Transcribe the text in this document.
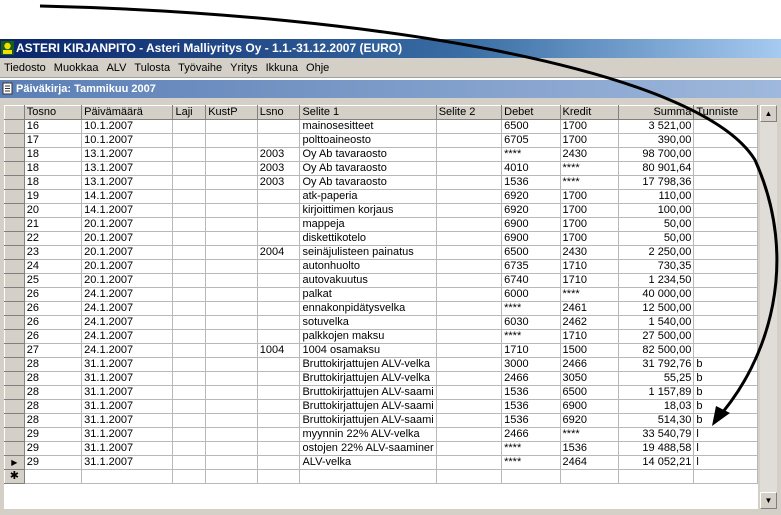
ASTERI KIRJANPITO - Asteri Malliyritys Oy - 1.1.-31.12.2007 (EURO)
Tiedosto Muokkaa ALV Tulosta Työvaihe Yritys Ikkuna Ohje
Päiväkirja: Tammikuu 2007
	Tosno	Päivämäärä	Laji	KustP	Lsno	Selite 1	Selite 2	Debet	Kredit	Summa	Tunniste
	16	10.1.2007				mainosesitteet		6500	1700	3 521,00	
	17	10.1.2007				polttoaineosto		6705	1700	390,00	
	18	13.1.2007			2003	Oy Ab tavaraosto		****	2430	98 700,00	
	18	13.1.2007			2003	Oy Ab tavaraosto		4010	****	80 901,64	
	18	13.1.2007			2003	Oy Ab tavaraosto		1536	****	17 798,36	
	19	14.1.2007				atk-paperia		6920	1700	110,00	
	20	14.1.2007				kirjoittimen korjaus		6920	1700	100,00	
	21	20.1.2007				mappeja		6900	1700	50,00	
	22	20.1.2007				diskettikotelo		6900	1700	50,00	
	23	20.1.2007			2004	seinäjulisteen painatus		6500	2430	2 250,00	
	24	20.1.2007				autonhuolto		6735	1710	730,35	
	25	20.1.2007				autovakuutus		6740	1710	1 234,50	
	26	24.1.2007				palkat		6000	****	40 000,00	
	26	24.1.2007				ennakonpidätysvelka		****	2461	12 500,00	
	26	24.1.2007				sotuvelka		6030	2462	1 540,00	
	26	24.1.2007				palkkojen maksu		****	1710	27 500,00	
	27	24.1.2007			1004	1004 osamaksu		1710	1500	82 500,00	
	28	31.1.2007				Bruttokirjattujen ALV-velka		3000	2466	31 792,76	b
	28	31.1.2007				Bruttokirjattujen ALV-velka		2466	3050	55,25	b
	28	31.1.2007				Bruttokirjattujen ALV-saami		1536	6500	1 157,89	b
	28	31.1.2007				Bruttokirjattujen ALV-saami		1536	6900	18,03	b
	28	31.1.2007				Bruttokirjattujen ALV-saami		1536	6920	514,30	b
	29	31.1.2007				myynnin 22% ALV-velka		2466	****	33 540,79	l
	29	31.1.2007				ostojen 22% ALV-saaminer		****	1536	19 488,58	l
▶	29	31.1.2007				ALV-velka		****	2464	14 052,21	l
✱											
▲
▼
